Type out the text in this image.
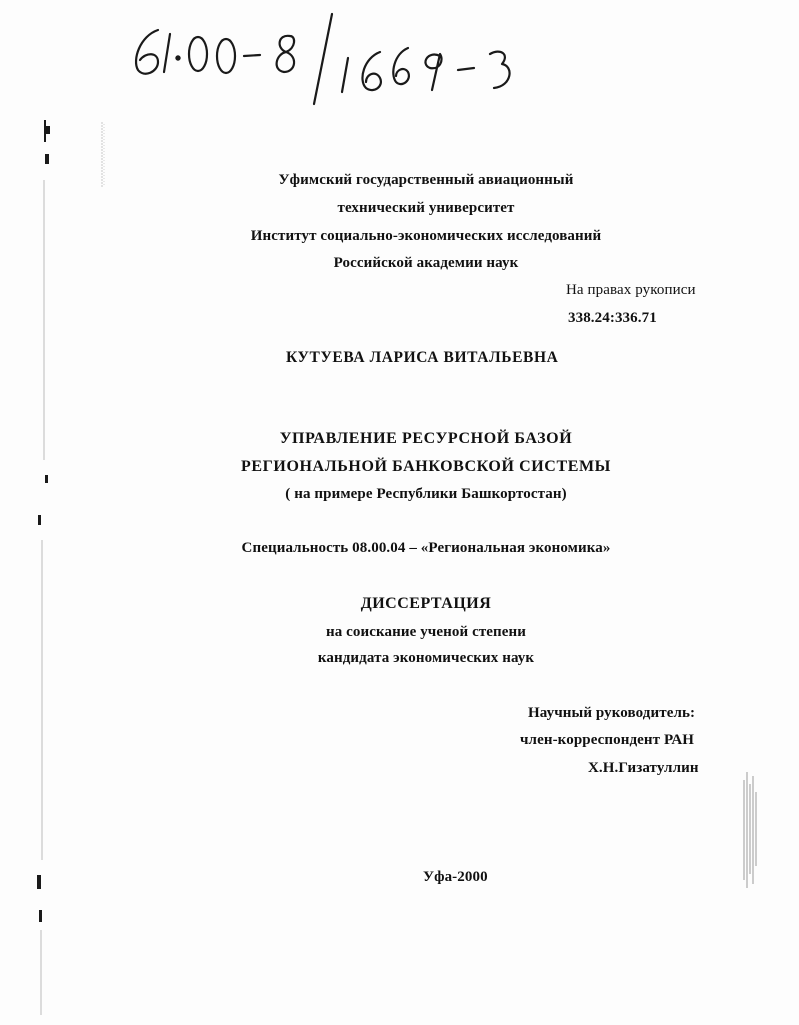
Уфимский государственный авиационный
технический университет
Институт социально-экономических исследований
Российской академии наук
На правах рукописи
338.24:336.71
КУТУЕВА ЛАРИСА ВИТАЛЬЕВНА
УПРАВЛЕНИЕ РЕСУРСНОЙ БАЗОЙ
РЕГИОНАЛЬНОЙ БАНКОВСКОЙ СИСТЕМЫ
( на примере Республики Башкортостан)
Специальность 08.00.04 – «Региональная экономика»
ДИССЕРТАЦИЯ
на соискание ученой степени
кандидата экономических наук
Научный руководитель:
член-корреспондент РАН
Х.Н.Гизатуллин
Уфа-2000
